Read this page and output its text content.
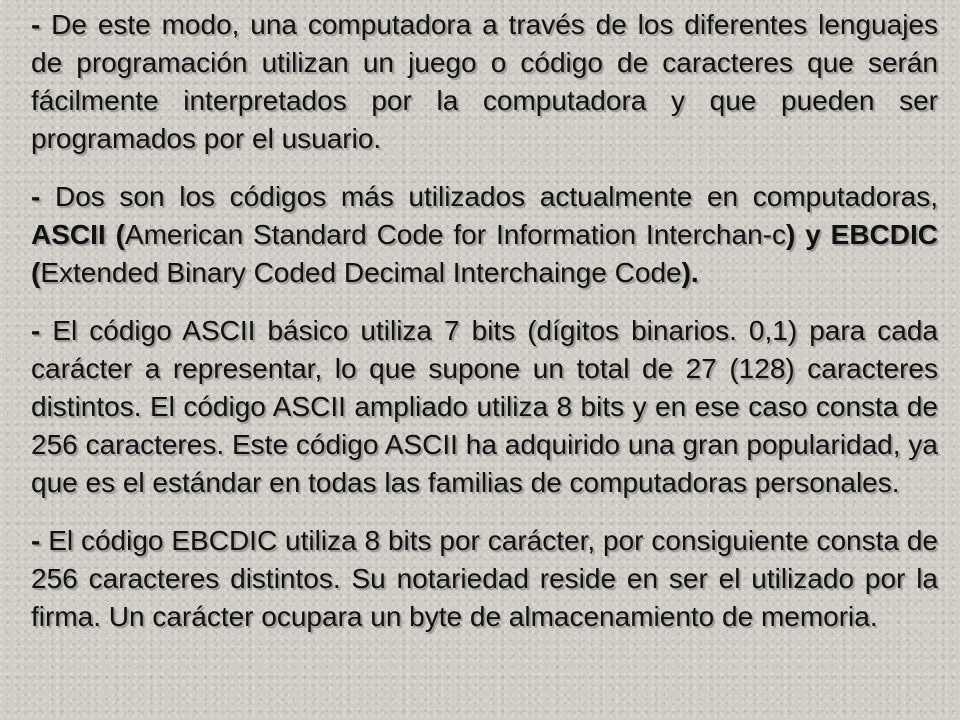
- De este modo, una computadora a través de los diferentes lenguajes de programación utilizan un juego o código de caracteres que serán fácilmente interpretados por la computadora y que pueden ser programados por el usuario.

- Dos son los códigos más utilizados actualmente en computadoras, ASCII (American Standard Code for Information Interchan-c) y EBCDIC (Extended Binary Coded Decimal Interchainge Code).

- El código ASCII básico utiliza 7 bits (dígitos binarios. 0,1) para cada carácter a representar, lo que supone un total de 27 (128) caracteres distintos. El código ASCII ampliado utiliza 8 bits y en ese caso consta de 256 caracteres. Este código ASCII ha adquirido una gran popularidad, ya que es el estándar en todas las familias de computadoras personales.

- El código EBCDIC utiliza 8 bits por carácter, por consiguiente consta de 256 caracteres distintos. Su notariedad reside en ser el utilizado por la firma. Un carácter ocupara un byte de almacenamiento de memoria.
